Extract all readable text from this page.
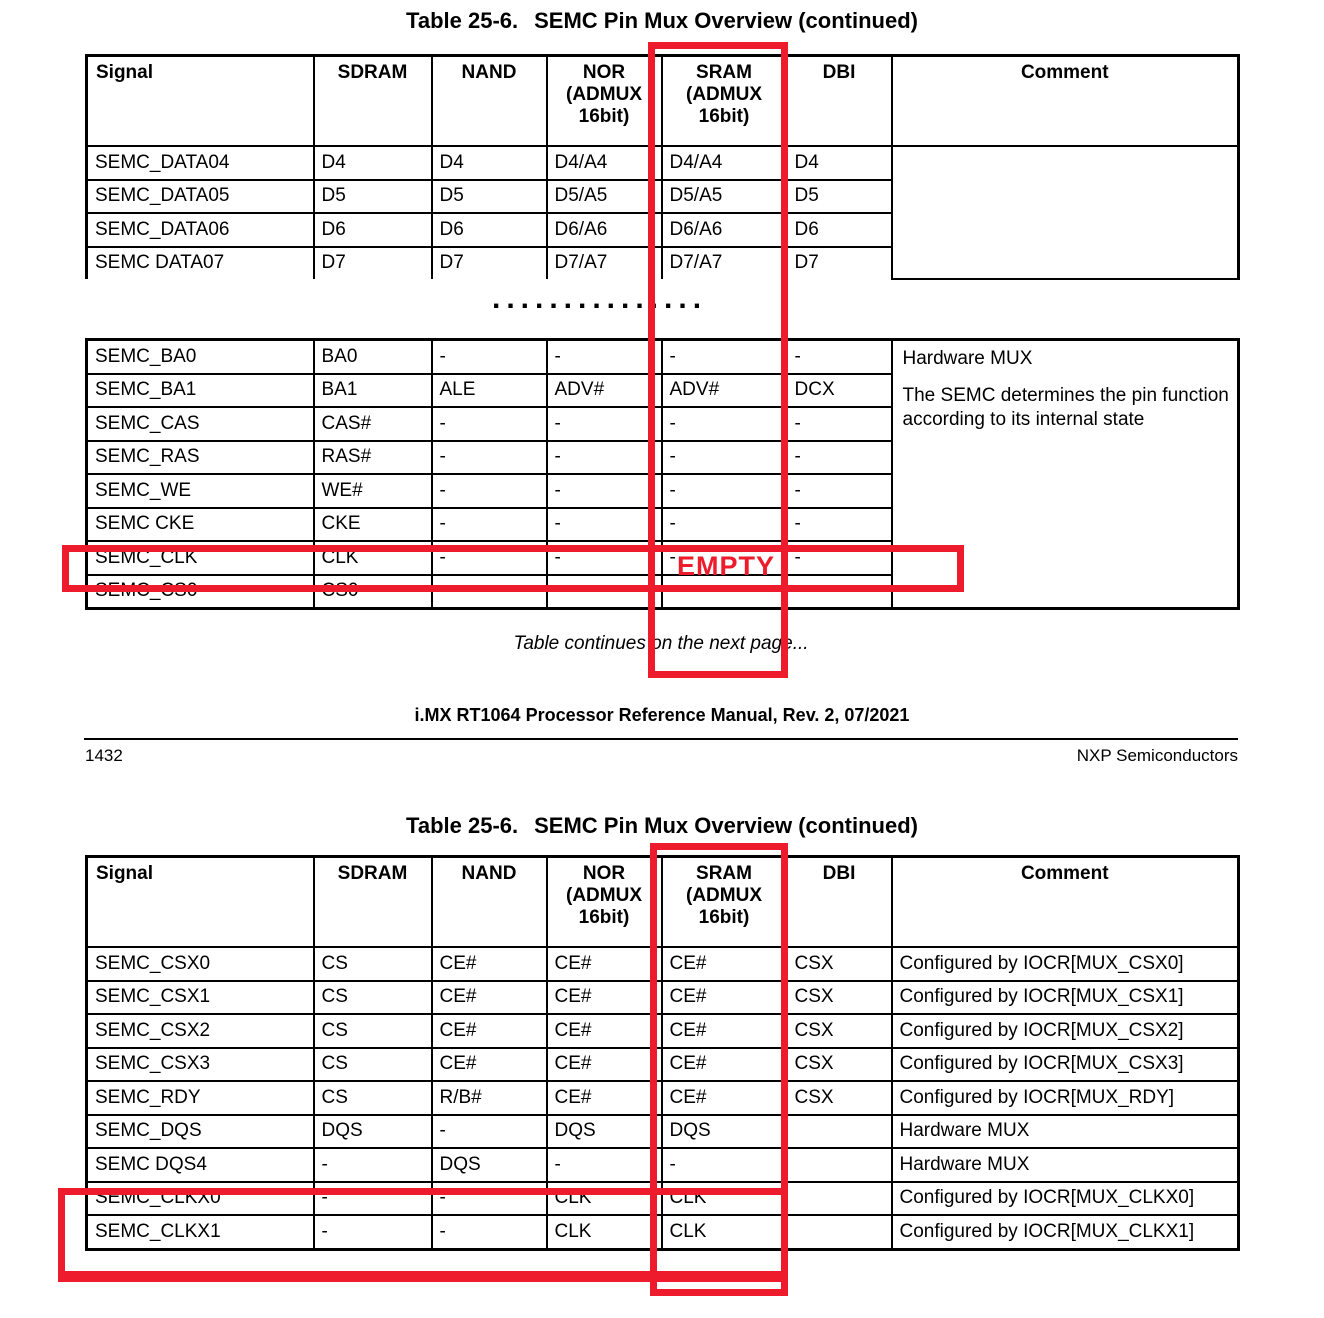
Table 25-6. SEMC Pin Mux Overview (continued)
Signal	SDRAM	NAND	NOR (ADMUX 16bit)	SRAM (ADMUX 16bit)	DBI	Comment
SEMC_DATA04	D4	D4	D4/A4	D4/A4	D4	
SEMC_DATA05	D5	D5	D5/A5	D5/A5	D5	
SEMC_DATA06	D6	D6	D6/A6	D6/A6	D6	
SEMC DATA07	D7	D7	D7/A7	D7/A7	D7	
...............
SEMC_BA0	BA0	-	-	-	-	Hardware MUX
The SEMC determines the pin function according to its internal state

SEMC_BA1	BA1	ALE	ADV#	ADV#	DCX	
SEMC_CAS	CAS#	-	-	-	-	
SEMC_RAS	RAS#	-	-	-	-	
SEMC_WE	WE#	-	-	-	-	
SEMC CKE	CKE	-	-	-	-	
SEMC_CLK	CLK	-	-	-	-	
SEMC_CS0	CS0	-	-	-	-	
Table continues on the next page...
i.MX RT1064 Processor Reference Manual, Rev. 2, 07/2021
1432	NXP Semiconductors
Table 25-6. SEMC Pin Mux Overview (continued)
Signal	SDRAM	NAND	NOR (ADMUX 16bit)	SRAM (ADMUX 16bit)	DBI	Comment
SEMC_CSX0	CS	CE#	CE#	CE#	CSX	Configured by IOCR[MUX_CSX0]
SEMC_CSX1	CS	CE#	CE#	CE#	CSX	Configured by IOCR[MUX_CSX1]
SEMC_CSX2	CS	CE#	CE#	CE#	CSX	Configured by IOCR[MUX_CSX2]
SEMC_CSX3	CS	CE#	CE#	CE#	CSX	Configured by IOCR[MUX_CSX3]
SEMC_RDY	CS	R/B#	CE#	CE#	CSX	Configured by IOCR[MUX_RDY]
SEMC_DQS	DQS	-	DQS	DQS		Hardware MUX
SEMC DQS4	-	DQS	-	-		Hardware MUX
SEMC_CLKX0	-	-	CLK	CLK		Configured by IOCR[MUX_CLKX0]
SEMC_CLKX1	-	-	CLK	CLK		Configured by IOCR[MUX_CLKX1]
EMPTY
